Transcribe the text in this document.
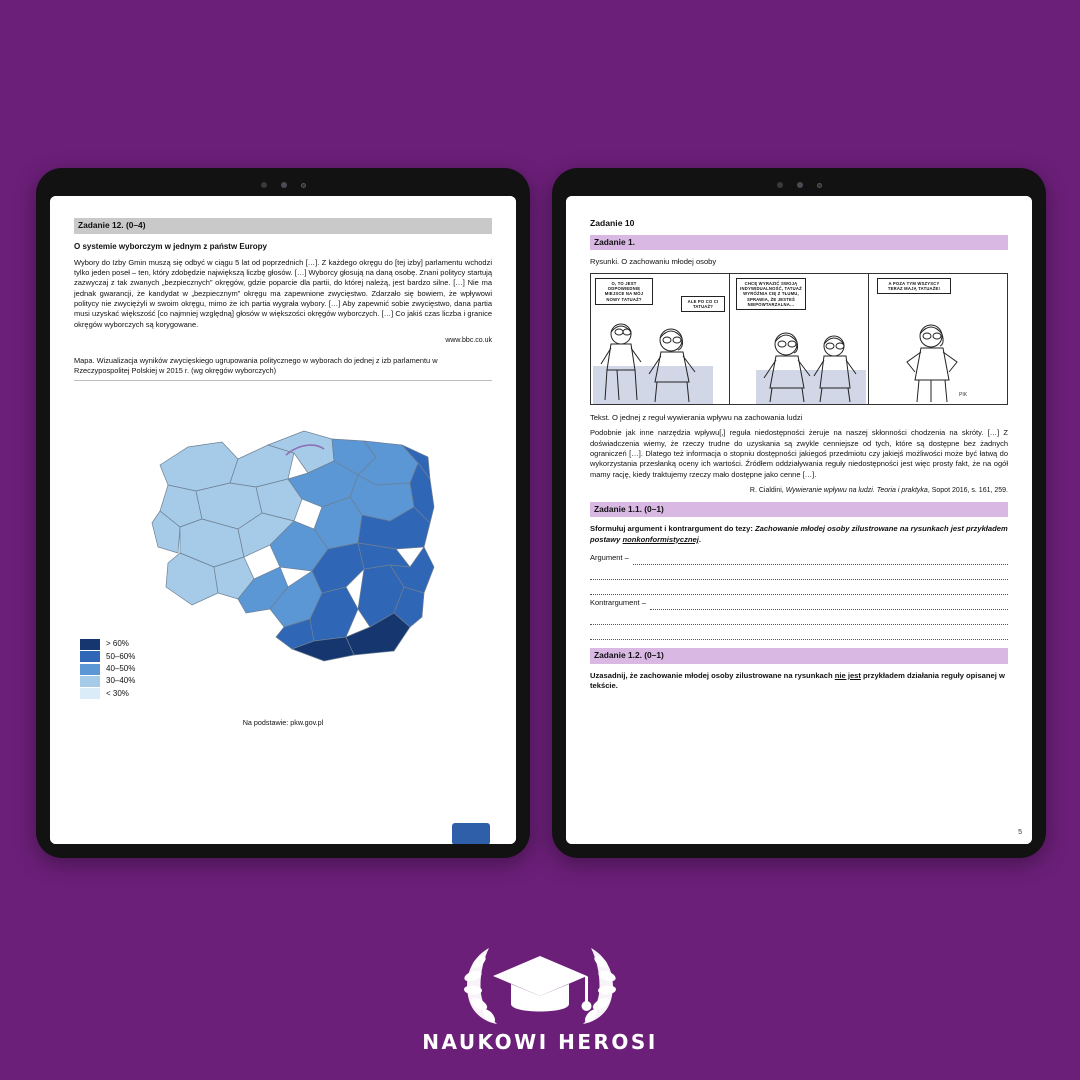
Zadanie 12. (0–4)
O systemie wyborczym w jednym z państw Europy

Wybory do Izby Gmin muszą się odbyć w ciągu 5 lat od poprzednich […]. Z każdego okręgu do [tej izby] parlamentu wchodzi tylko jeden poseł – ten, który zdobędzie największą liczbę głosów. […] Wyborcy głosują na daną osobę. Znani politycy startują zazwyczaj z tak zwanych „bezpiecznych” okręgów, gdzie poparcie dla partii, do której należą, jest bardzo silne. […] Nie ma jednak gwarancji, że kandydat w „bezpiecznym” okręgu ma zapewnione zwycięstwo. Zdarzało się bowiem, że wpływowi politycy nie zwyciężyli w swoim okręgu, mimo że ich partia wygrała wybory. […] Aby zapewnić sobie zwycięstwo, dana partia musi uzyskać większość [co najmniej względną] głosów w większości okręgów wyborczych. […] Co jakiś czas liczba i granice okręgów wyborczych są korygowane.

www.bbc.co.uk
Mapa. Wizualizacja wyników zwycięskiego ugrupowania politycznego w wyborach do jednej z izb parlamentu w Rzeczypospolitej Polskiej w 2015 r. (wg okręgów wyborczych)
> 60%
50–60%
40–50%
30–40%
< 30%
Na podstawie: pkw.gov.pl
Zadanie 10
Zadanie 1.
Rysunki. O zachowaniu młodej osoby
O, TO JEST ODPOWIEDNIE MIEJSCE NA MÓJ NOWY TATUAŻ?	ALE PO CO CI TATUAŻ?
CHCĘ WYRAZIĆ SWOJĄ INDYWIDUALNOŚĆ, TATUAŻ WYRÓŻNIA CIĘ Z TŁUMU, SPRAWIA, ŻE JESTEŚ NIEPOWTARZALNA…
A POZA TYM WSZYSCY TERAZ MAJĄ TATUAŻE!
PIK
Tekst. O jednej z reguł wywierania wpływu na zachowania ludzi

Podobnie jak inne narzędzia wpływu[,] reguła niedostępności żeruje na naszej skłonności chodzenia na skróty. […] Z doświadczenia wiemy, że rzeczy trudne do uzyskania są zwykle cenniejsze od tych, które są dostępne bez żadnych ograniczeń […]. Dlatego też informacja o stopniu dostępności jakiegoś przedmiotu czy jakiejś możliwości może być łatwą do wykorzystania przesłanką oceny ich wartości. Źródłem oddziaływania reguły niedostępności jest więc prosty fakt, że na ogół mamy rację, kiedy traktujemy rzeczy mało dostępne jako cenne […].

R. Cialdini, Wywieranie wpływu na ludzi. Teoria i praktyka, Sopot 2016, s. 161, 259.
Zadanie 1.1. (0–1)
Sformułuj argument i kontrargument do tezy: Zachowanie młodej osoby zilustrowane na rysunkach jest przykładem postawy nonkonformistycznej.
Argument –
Kontrargument –
Zadanie 1.2. (0–1)
Uzasadnij, że zachowanie młodej osoby zilustrowane na rysunkach nie jest przykładem działania reguły opisanej w tekście.
5
NAUKOWI HEROSI
